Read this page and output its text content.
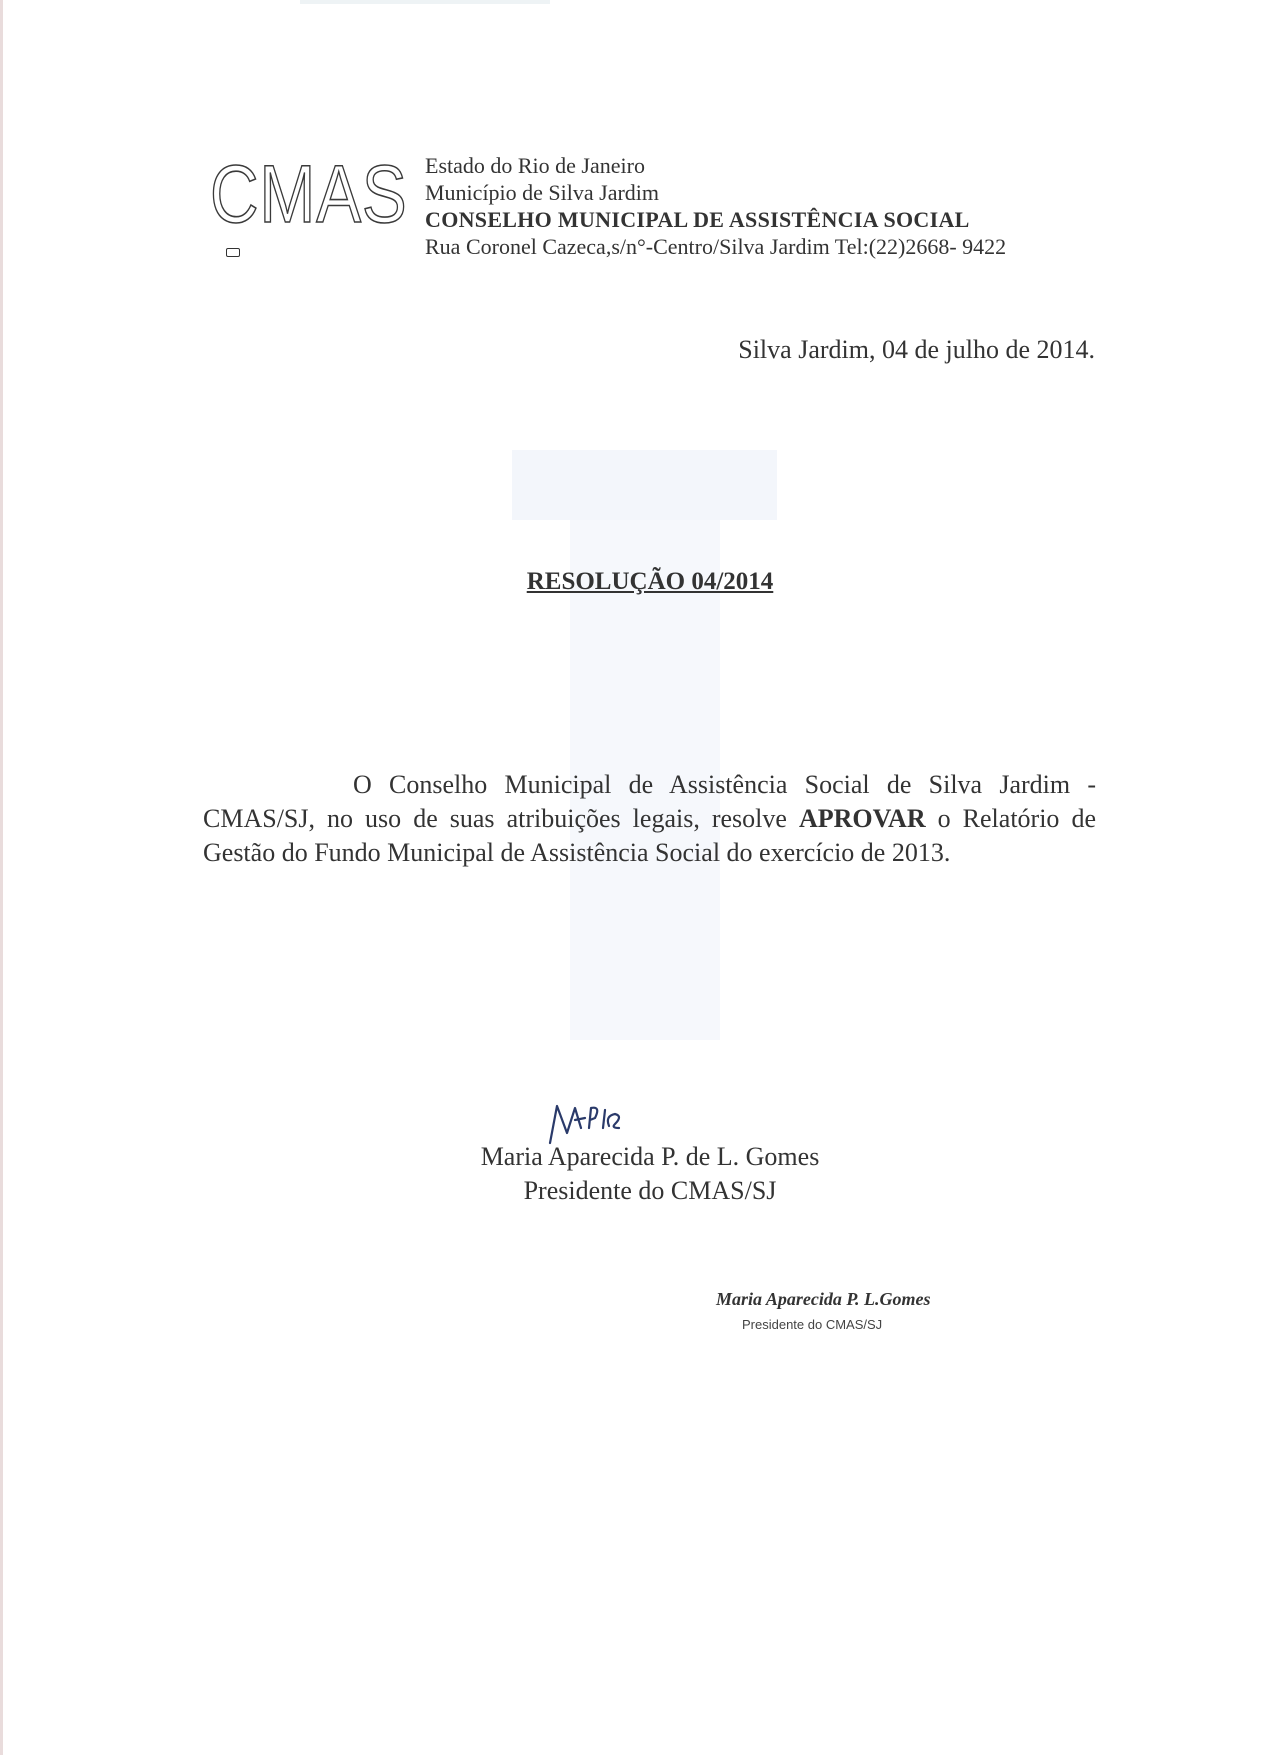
CMAS Estado do Rio de Janeiro
Município de Silva Jardim
CONSELHO MUNICIPAL DE ASSISTÊNCIA SOCIAL
Rua Coronel Cazeca,s/n°-Centro/Silva Jardim Tel:(22)2668- 9422
Silva Jardim, 04 de julho de 2014.
RESOLUÇÃO 04/2014
O Conselho Municipal de Assistência Social de Silva Jardim - CMAS/SJ, no uso de suas atribuições legais, resolve APROVAR o Relatório de Gestão do Fundo Municipal de Assistência Social do exercício de 2013.
Maria Aparecida P. de L. Gomes
Presidente do CMAS/SJ
Maria Aparecida P. L.Gomes
Presidente do CMAS/SJ
